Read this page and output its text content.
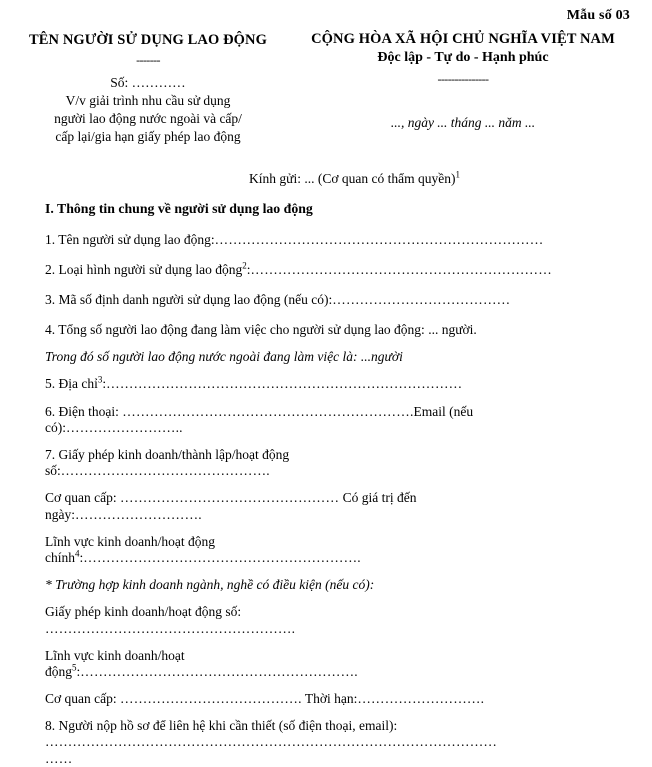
Mẫu số 03
TÊN NGƯỜI SỬ DỤNG LAO ĐỘNG
-------
Số: …………
V/v giải trình nhu cầu sử dụng
người lao động nước ngoài và cấp/
cấp lại/gia hạn giấy phép lao động
CỘNG HÒA XÃ HỘI CHỦ NGHĨA VIỆT NAM
Độc lập - Tự do - Hạnh phúc
---------------
..., ngày ... tháng ... năm ...
Kính gửi: ... (Cơ quan có thẩm quyền)$^1$
I. Thông tin chung về người sử dụng lao động

1. Tên người sử dụng lao động:………………………………………………………………

2. Loại hình người sử dụng lao động$^2$:…………………………………………………………

3. Mã số định danh người sử dụng lao động (nếu có):…………………………………

4. Tổng số người lao động đang làm việc cho người sử dụng lao động: ... người.

Trong đó số người lao động nước ngoài đang làm việc là: ...người

5. Địa chỉ$^3$:……………………………………………………………………

6. Điện thoại: ……………………………………………………….Email (nếu
có):……………………..

7. Giấy phép kinh doanh/thành lập/hoạt động
số:……………………………………….

Cơ quan cấp: ………………………………………… Có giá trị đến
ngày:……………………….

Lĩnh vực kinh doanh/hoạt động
chính$^4$:…………………………………………………….

* Trường hợp kinh doanh ngành, nghề có điều kiện (nếu có):

Giấy phép kinh doanh/hoạt động số:
……………………………………………….

Lĩnh vực kinh doanh/hoạt
động$^5$:…………………………………………………….

Cơ quan cấp: …………………………………. Thời hạn:……………………….

8. Người nộp hồ sơ để liên hệ khi cần thiết (số điện thoại, email):
………………………………………………………………………………………
……
